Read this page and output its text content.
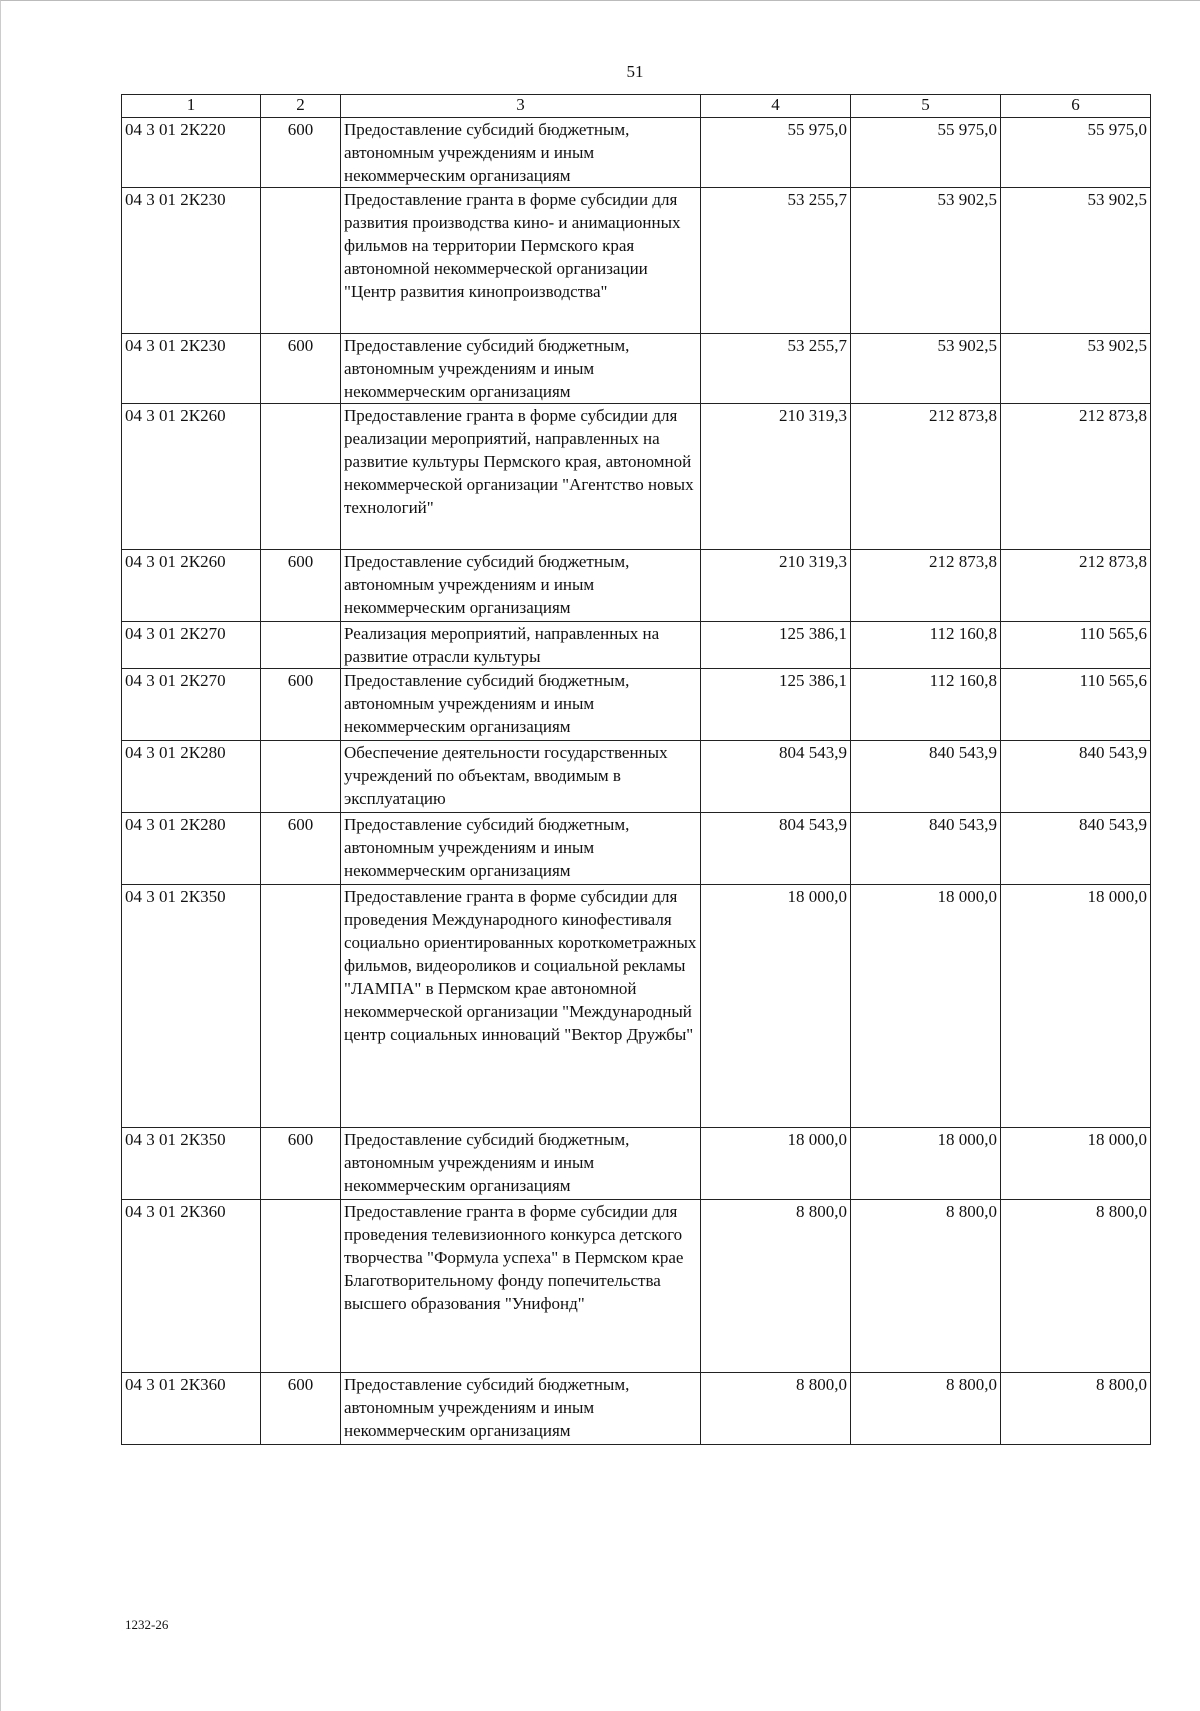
51
1	2	3	4	5	6
04 3 01 2К220	600	Предоставление субсидий бюджетным, автономным учреждениям и иным некоммерческим организациям	55 975,0	55 975,0	55 975,0
04 3 01 2К230		Предоставление гранта в форме субсидии для развития производства кино- и анимационных фильмов на территории Пермского края автономной некоммерческой организации "Центр развития кинопроизводства"	53 255,7	53 902,5	53 902,5
04 3 01 2К230	600	Предоставление субсидий бюджетным, автономным учреждениям и иным некоммерческим организациям	53 255,7	53 902,5	53 902,5
04 3 01 2К260		Предоставление гранта в форме субсидии для реализации мероприятий, направленных на развитие культуры Пермского края, автономной некоммерческой организации "Агентство новых технологий"	210 319,3	212 873,8	212 873,8
04 3 01 2К260	600	Предоставление субсидий бюджетным, автономным учреждениям и иным некоммерческим организациям	210 319,3	212 873,8	212 873,8
04 3 01 2К270		Реализация мероприятий, направленных на развитие отрасли культуры	125 386,1	112 160,8	110 565,6
04 3 01 2К270	600	Предоставление субсидий бюджетным, автономным учреждениям и иным некоммерческим организациям	125 386,1	112 160,8	110 565,6
04 3 01 2К280		Обеспечение деятельности государственных учреждений по объектам, вводимым в эксплуатацию	804 543,9	840 543,9	840 543,9
04 3 01 2К280	600	Предоставление субсидий бюджетным, автономным учреждениям и иным некоммерческим организациям	804 543,9	840 543,9	840 543,9
04 3 01 2К350		Предоставление гранта в форме субсидии для проведения Международного кинофестиваля социально ориентированных короткометражных фильмов, видеороликов и социальной рекламы "ЛАМПА" в Пермском крае автономной некоммерческой организации "Международный центр социальных инноваций "Вектор Дружбы"	18 000,0	18 000,0	18 000,0
04 3 01 2К350	600	Предоставление субсидий бюджетным, автономным учреждениям и иным некоммерческим организациям	18 000,0	18 000,0	18 000,0
04 3 01 2К360		Предоставление гранта в форме субсидии для проведения телевизионного конкурса детского творчества "Формула успеха" в Пермском крае Благотворительному фонду попечительства высшего образования "Унифонд"	8 800,0	8 800,0	8 800,0
04 3 01 2К360	600	Предоставление субсидий бюджетным, автономным учреждениям и иным некоммерческим организациям	8 800,0	8 800,0	8 800,0
1232-26
